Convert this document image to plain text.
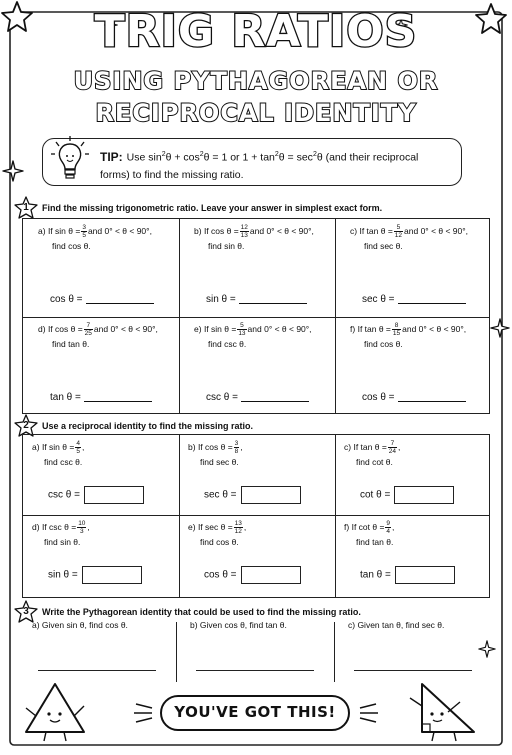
TRIG RATIOS
USING PYTHAGOREAN OR
RECIPROCAL IDENTITY
TIP: Use $\sin^2\theta + \cos^2\theta = 1$ or $1 + \tan^2\theta = \sec^2\theta$ (and their reciprocal
forms) to find the missing ratio.
1	Find the missing trigonometric ratio. Leave your answer in simplest exact form.
a) If $\sin \theta = \frac{3}{5}$ and 0° < θ < 90°,
find cos θ.
cos θ =
b) If $\cos \theta = \frac{12}{13}$ and 0° < θ < 90°,
find sin θ.
sin θ =
c) If $\tan \theta = \frac{5}{12}$ and 0° < θ < 90°,
find sec θ.
sec θ =
d) If $\cos \theta = \frac{7}{25}$ and 0° < θ < 90°,
find tan θ.
tan θ =
e) If $\sin \theta = \frac{5}{13}$ and 0° < θ < 90°,
find csc θ.
csc θ =
f) If $\tan \theta = \frac{8}{15}$ and 0° < θ < 90°,
find cos θ.
cos θ =
2	Use a reciprocal identity to find the missing ratio.
a) If $\sin \theta = \frac{4}{5}$ ,
find csc θ.
csc θ =
b) If $\cos \theta = \frac{3}{8}$ ,
find sec θ.
sec θ =
c) If $\tan \theta = \frac{7}{24}$ ,
find cot θ.
cot θ =
d) If $\csc \theta = \frac{10}{3}$ ,
find sin θ.
sin θ =
e) If $\sec \theta = \frac{13}{12}$ ,
find cos θ.
cos θ =
f) If $\cot \theta = \frac{9}{4}$ ,
find tan θ.
tan θ =
3	Write the Pythagorean identity that could be used to find the missing ratio.
a) Given sin θ, find cos θ.	b) Given cos θ, find tan θ.	c) Given tan θ, find sec θ.
YOU'VE GOT THIS!
